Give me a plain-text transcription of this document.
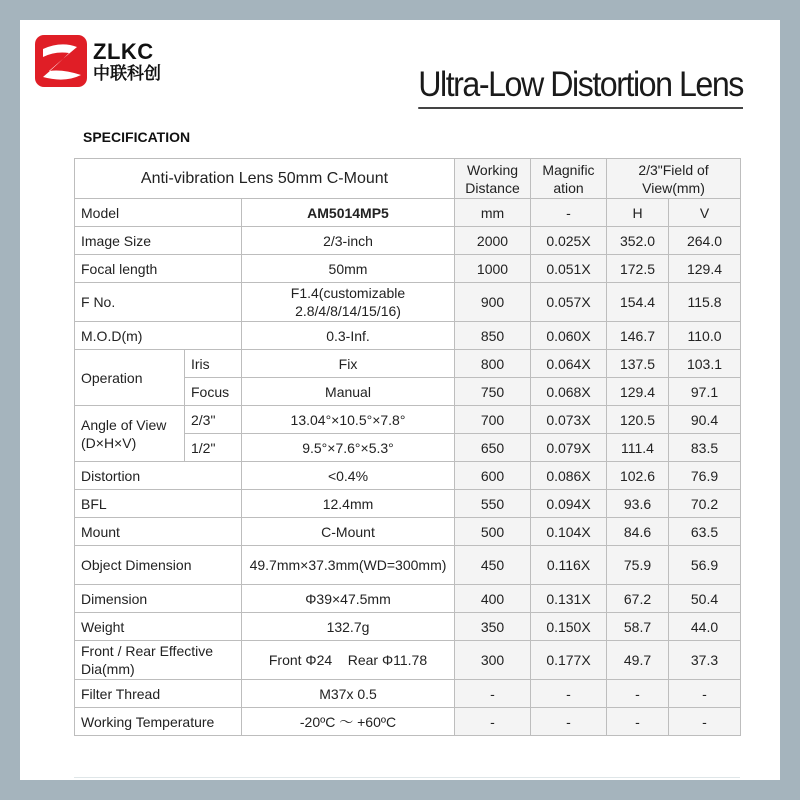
ZLKC
中联科创	Ultra-Low Distortion Lens
SPECIFICATION
Anti-vibration Lens 50mm C-Mount			Working Distance	Magnific ation	2/3"Field of View(mm)	
Model		AM5014MP5	mm	-	H	V
Image Size		2/3-inch	2000	0.025X	352.0	264.0
Focal length		50mm	1000	0.051X	172.5	129.4
F No.		F1.4(customizable 2.8/4/8/14/15/16)	900	0.057X	154.4	115.8
M.O.D(m)		0.3-Inf.	850	0.060X	146.7	110.0
Operation	Iris	Fix	800	0.064X	137.5	103.1
	Focus	Manual	750	0.068X	129.4	97.1
Angle of View (D×H×V)	2/3"	13.04°×10.5°×7.8°	700	0.073X	120.5	90.4
	1/2"	9.5°×7.6°×5.3°	650	0.079X	111.4	83.5
Distortion		<0.4%	600	0.086X	102.6	76.9
BFL		12.4mm	550	0.094X	93.6	70.2
Mount		C-Mount	500	0.104X	84.6	63.5
Object Dimension		49.7mm×37.3mm(WD=300mm)	450	0.116X	75.9	56.9
Dimension		Φ39×47.5mm	400	0.131X	67.2	50.4
Weight		132.7g	350	0.150X	58.7	44.0
Front / Rear Effective Dia(mm)		Front Φ24    Rear Φ11.78	300	0.177X	49.7	37.3
Filter Thread		M37x 0.5	-	-	-	-
Working Temperature		-20ºC ～ +60ºC	-	-	-	-
